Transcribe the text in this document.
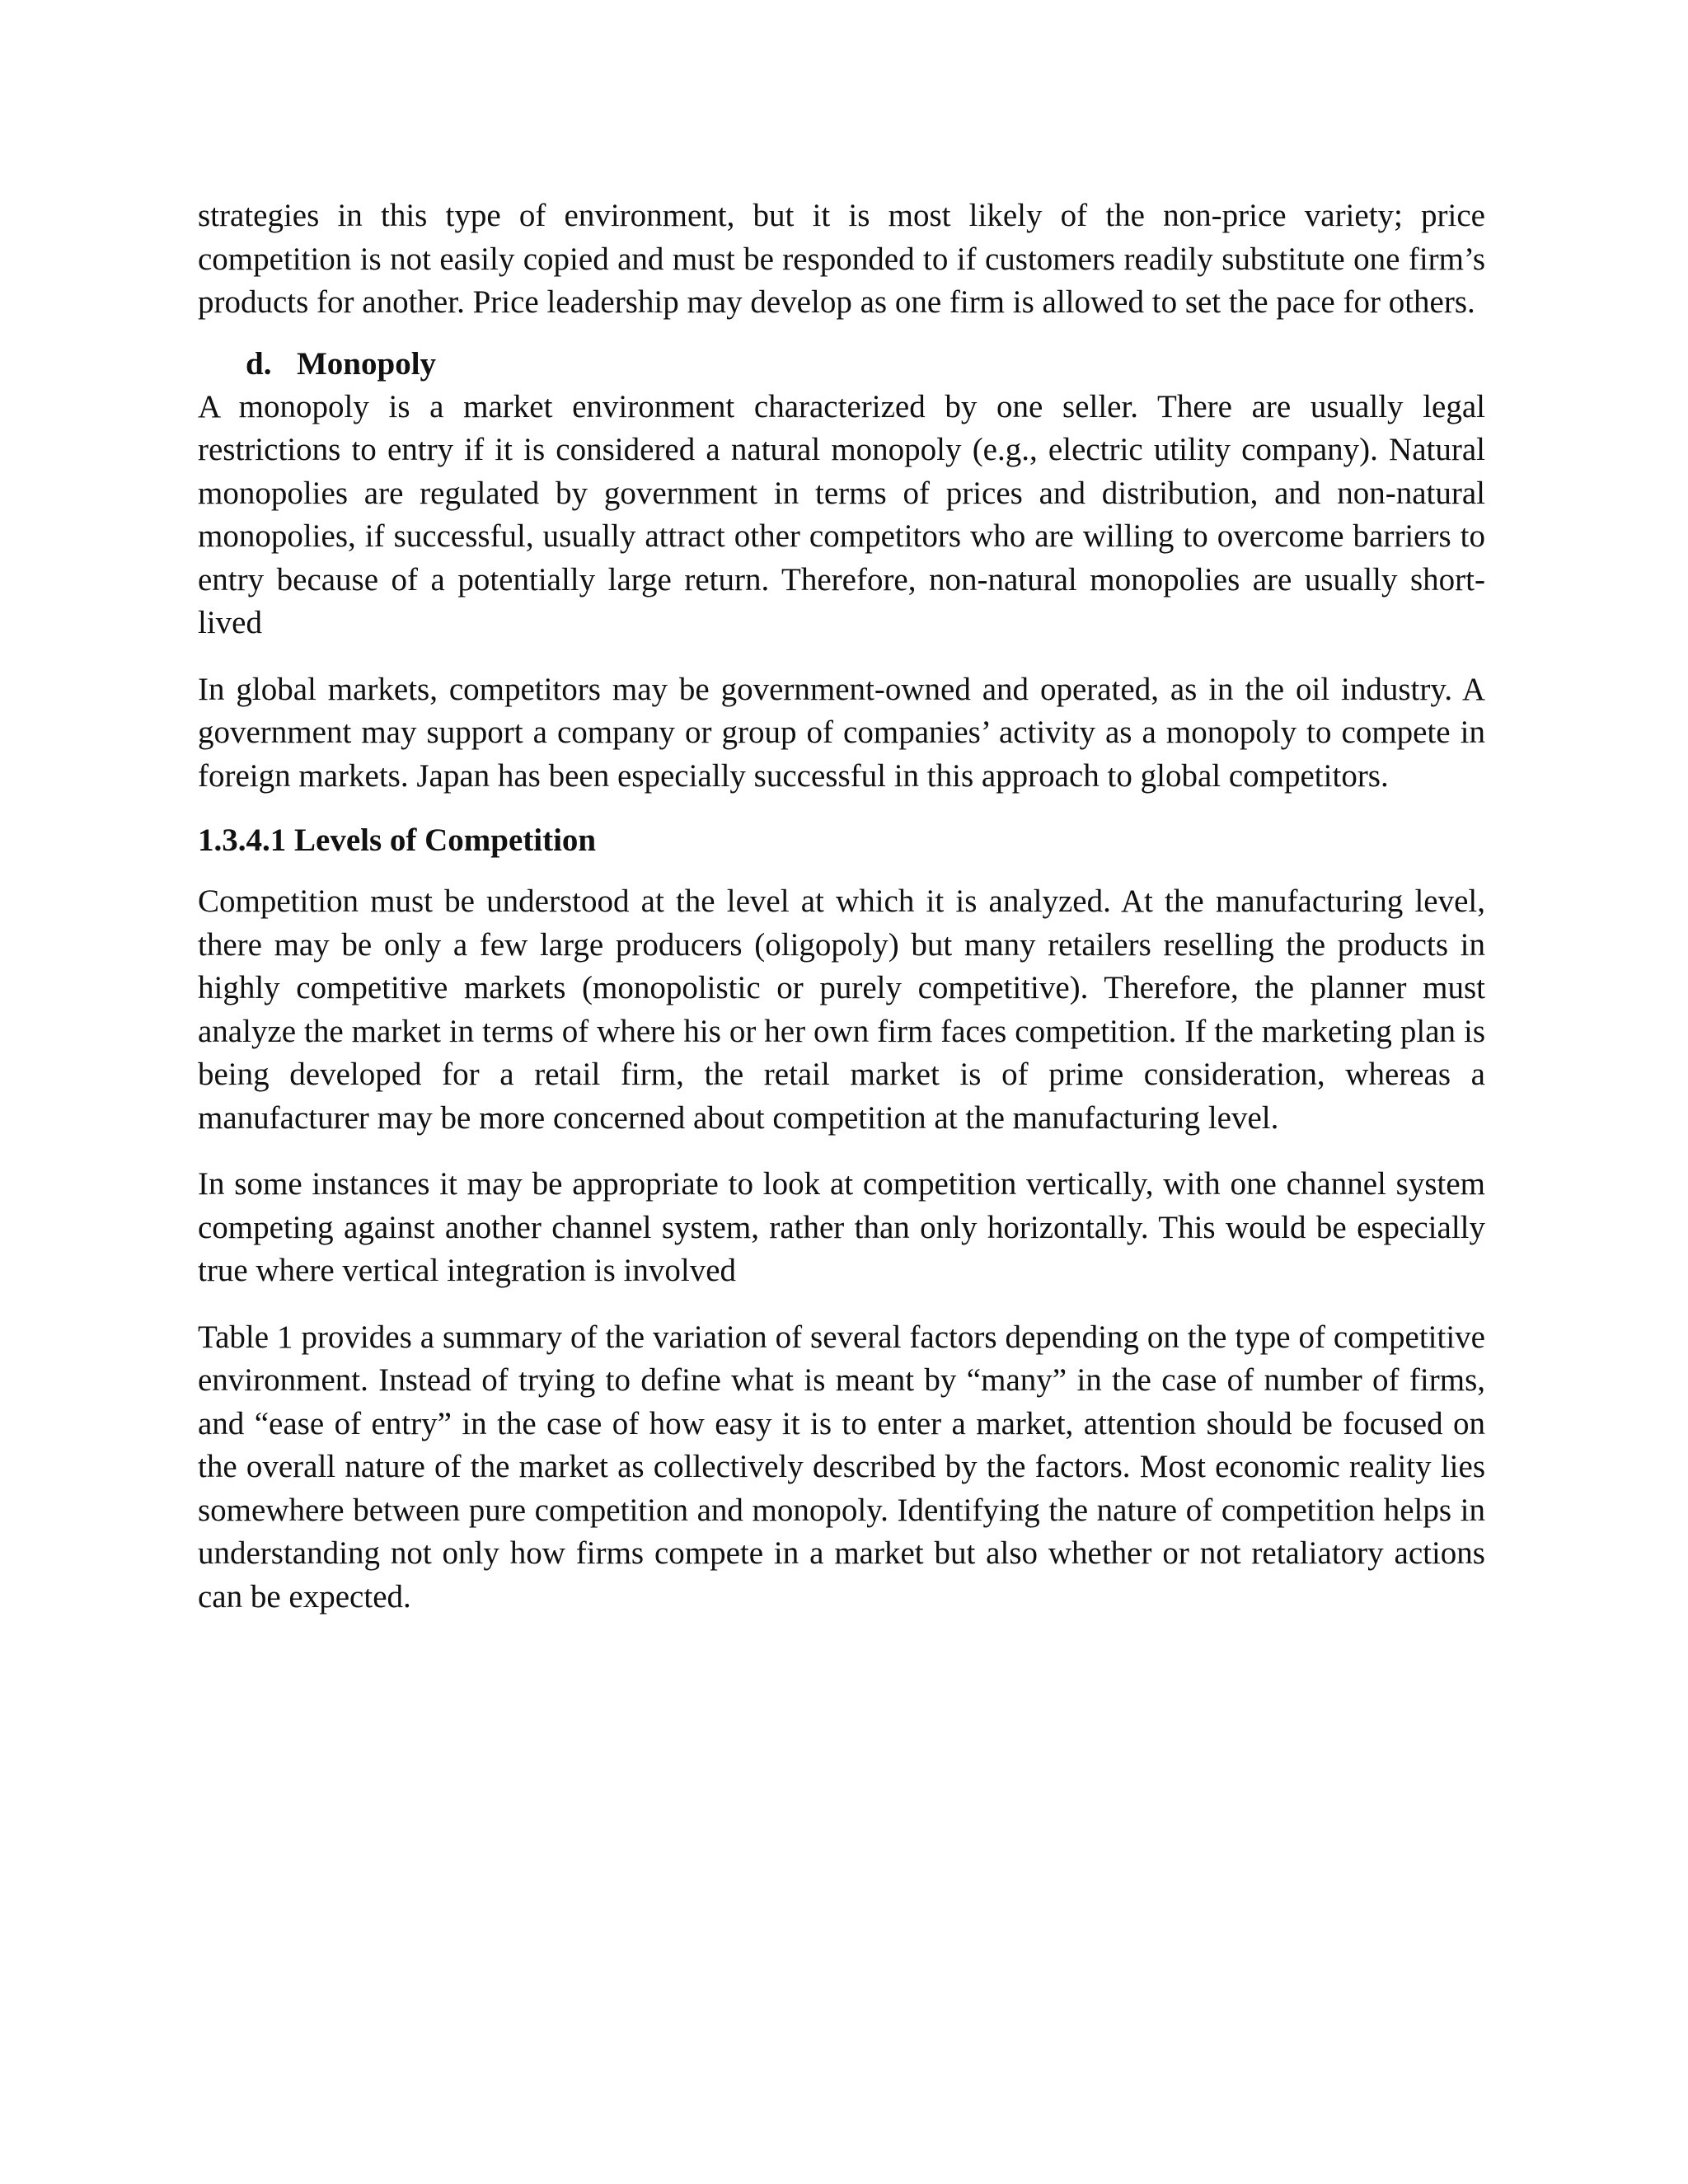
strategies in this type of environment, but it is most likely of the non-price variety; price competition is not easily copied and must be responded to if customers readily substitute one firm’s products for another. Price leadership may develop as one firm is allowed to set the pace for others.

d. Monopoly

A monopoly is a market environment characterized by one seller. There are usually legal restrictions to entry if it is considered a natural monopoly (e.g., electric utility company). Natural monopolies are regulated by government in terms of prices and distribution, and non-natural monopolies, if successful, usually attract other competitors who are willing to overcome barriers to entry because of a potentially large return. Therefore, non-natural monopolies are usually short-lived

In global markets, competitors may be government-owned and operated, as in the oil industry. A government may support a company or group of companies’ activity as a monopoly to compete in foreign markets. Japan has been especially successful in this approach to global competitors.

1.3.4.1 Levels of Competition

Competition must be understood at the level at which it is analyzed. At the manufacturing level, there may be only a few large producers (oligopoly) but many retailers reselling the products in highly competitive markets (monopolistic or purely competitive). Therefore, the planner must analyze the market in terms of where his or her own firm faces competition. If the marketing plan is being developed for a retail firm, the retail market is of prime consideration, whereas a manufacturer may be more concerned about competition at the manufacturing level.

In some instances it may be appropriate to look at competition vertically, with one channel system competing against another channel system, rather than only horizontally. This would be especially true where vertical integration is involved

Table 1 provides a summary of the variation of several factors depending on the type of competitive environment. Instead of trying to define what is meant by “many” in the case of number of firms, and “ease of entry” in the case of how easy it is to enter a market, attention should be focused on the overall nature of the market as collectively described by the factors. Most economic reality lies somewhere between pure competition and monopoly. Identifying the nature of competition helps in understanding not only how firms compete in a market but also whether or not retaliatory actions can be expected.
